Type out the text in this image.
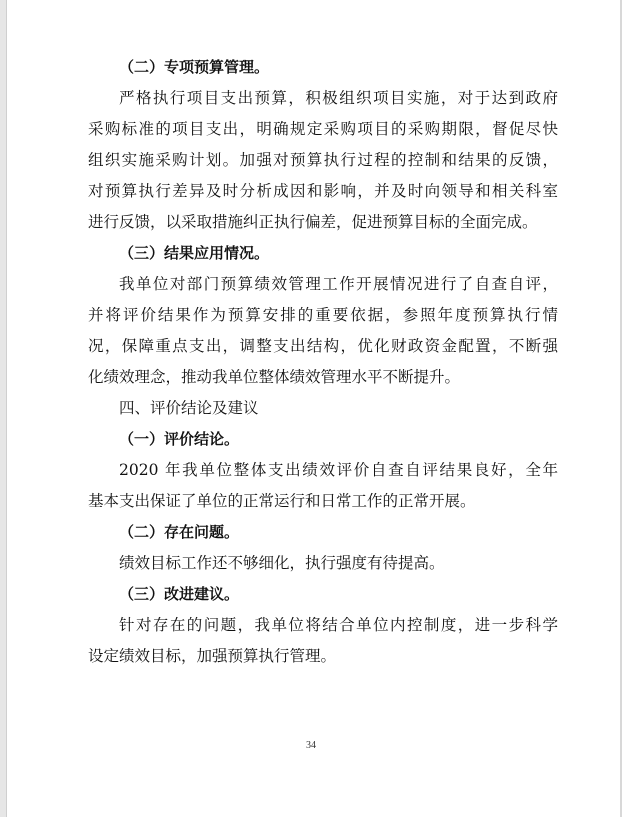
（二）专项预算管理。
严格执行项目支出预算，积极组织项目实施，对于达到政府
采购标准的项目支出，明确规定采购项目的采购期限，督促尽快
组织实施采购计划。加强对预算执行过程的控制和结果的反馈，
对预算执行差异及时分析成因和影响，并及时向领导和相关科室
进行反馈，以采取措施纠正执行偏差，促进预算目标的全面完成。
（三）结果应用情况。
我单位对部门预算绩效管理工作开展情况进行了自查自评，
并将评价结果作为预算安排的重要依据，参照年度预算执行情
况，保障重点支出，调整支出结构，优化财政资金配置，不断强
化绩效理念，推动我单位整体绩效管理水平不断提升。
四、评价结论及建议
（一）评价结论。
2020 年我单位整体支出绩效评价自查自评结果良好，全年
基本支出保证了单位的正常运行和日常工作的正常开展。
（二）存在问题。
绩效目标工作还不够细化，执行强度有待提高。
（三）改进建议。
针对存在的问题，我单位将结合单位内控制度，进一步科学
设定绩效目标，加强预算执行管理。
34
